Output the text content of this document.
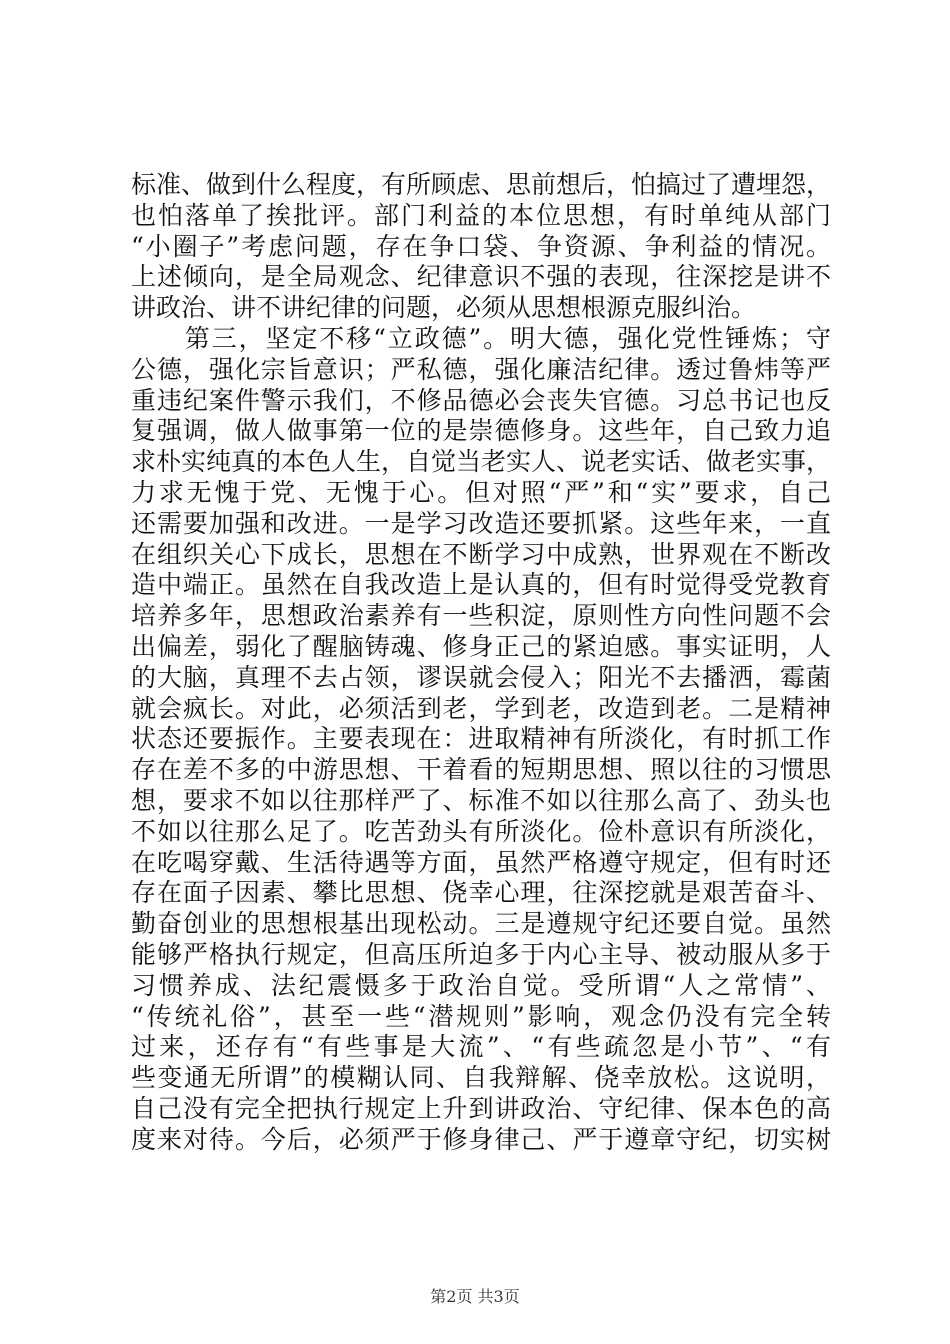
标准、做到什么程度，有所顾虑、思前想后，怕搞过了遭埋怨，
也怕落单了挨批评。部门利益的本位思想，有时单纯从部门
“小圈子”考虑问题，存在争口袋、争资源、争利益的情况。
上述倾向，是全局观念、纪律意识不强的表现，往深挖是讲不
讲政治、讲不讲纪律的问题，必须从思想根源克服纠治。
　　第三，坚定不移“立政德”。明大德，强化党性锤炼；守
公德，强化宗旨意识；严私德，强化廉洁纪律。透过鲁炜等严
重违纪案件警示我们，不修品德必会丧失官德。习总书记也反
复强调，做人做事第一位的是崇德修身。这些年，自己致力追
求朴实纯真的本色人生，自觉当老实人、说老实话、做老实事，
力求无愧于党、无愧于心。但对照“严”和“实”要求，自己
还需要加强和改进。一是学习改造还要抓紧。这些年来，一直
在组织关心下成长，思想在不断学习中成熟，世界观在不断改
造中端正。虽然在自我改造上是认真的，但有时觉得受党教育
培养多年，思想政治素养有一些积淀，原则性方向性问题不会
出偏差，弱化了醒脑铸魂、修身正己的紧迫感。事实证明，人
的大脑，真理不去占领，谬误就会侵入；阳光不去播洒，霉菌
就会疯长。对此，必须活到老，学到老，改造到老。二是精神
状态还要振作。主要表现在：进取精神有所淡化，有时抓工作
存在差不多的中游思想、干着看的短期思想、照以往的习惯思
想，要求不如以往那样严了、标准不如以往那么高了、劲头也
不如以往那么足了。吃苦劲头有所淡化。俭朴意识有所淡化，
在吃喝穿戴、生活待遇等方面，虽然严格遵守规定，但有时还
存在面子因素、攀比思想、侥幸心理，往深挖就是艰苦奋斗、
勤奋创业的思想根基出现松动。三是遵规守纪还要自觉。虽然
能够严格执行规定，但高压所迫多于内心主导、被动服从多于
习惯养成、法纪震慑多于政治自觉。受所谓“人之常情”、
“传统礼俗”，甚至一些“潜规则”影响，观念仍没有完全转
过来，还存有“有些事是大流”、“有些疏忽是小节”、“有
些变通无所谓”的模糊认同、自我辩解、侥幸放松。这说明，
自己没有完全把执行规定上升到讲政治、守纪律、保本色的高
度来对待。今后，必须严于修身律己、严于遵章守纪，切实树
第2页 共3页
